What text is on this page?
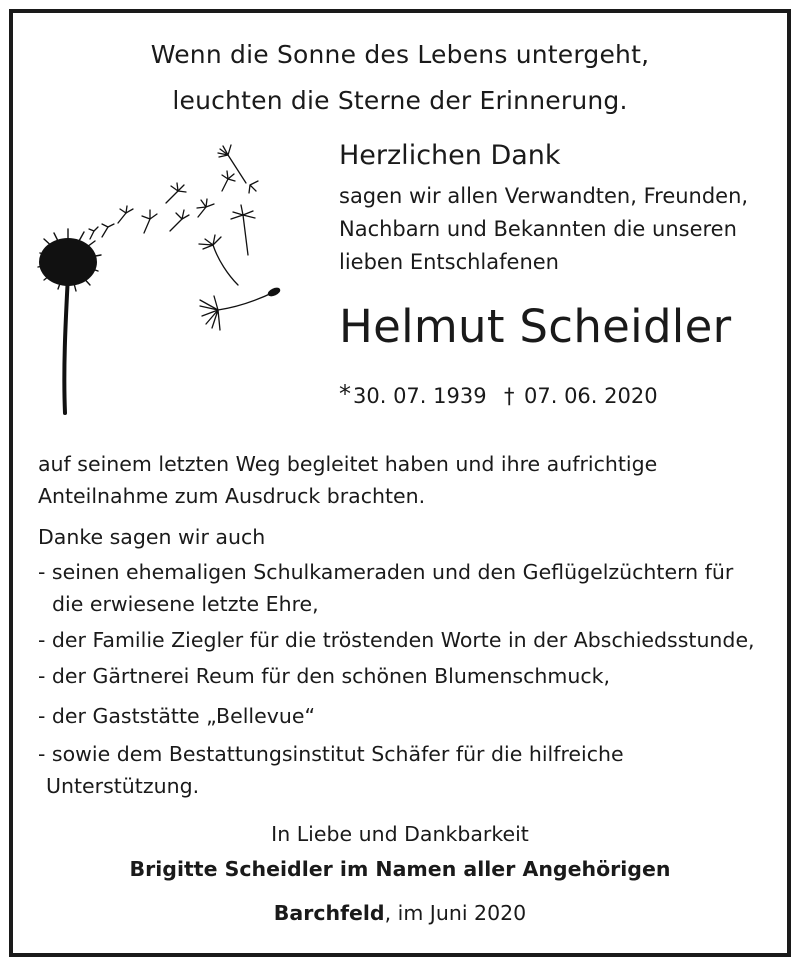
Wenn die Sonne des Lebens untergeht,
leuchten die Sterne der Erinnerung.
Herzlichen Dank
sagen wir allen Verwandten, Freunden,
Nachbarn und Bekannten die unseren
lieben Entschlafenen
Helmut Scheidler
* 30. 07. 1939 † 07. 06. 2020
auf seinem letzten Weg begleitet haben und ihre aufrichtige
Anteilnahme zum Ausdruck brachten.
Danke sagen wir auch
- seinen ehemaligen Schulkameraden und den Geflügelzüchtern für
die erwiesene letzte Ehre,
- der Familie Ziegler für die tröstenden Worte in der Abschiedsstunde,
- der Gärtnerei Reum für den schönen Blumenschmuck,
- der Gaststätte „Bellevue“
- sowie dem Bestattungsinstitut Schäfer für die hilfreiche
Unterstützung.
In Liebe und Dankbarkeit
Brigitte Scheidler im Namen aller Angehörigen
Barchfeld, im Juni 2020
